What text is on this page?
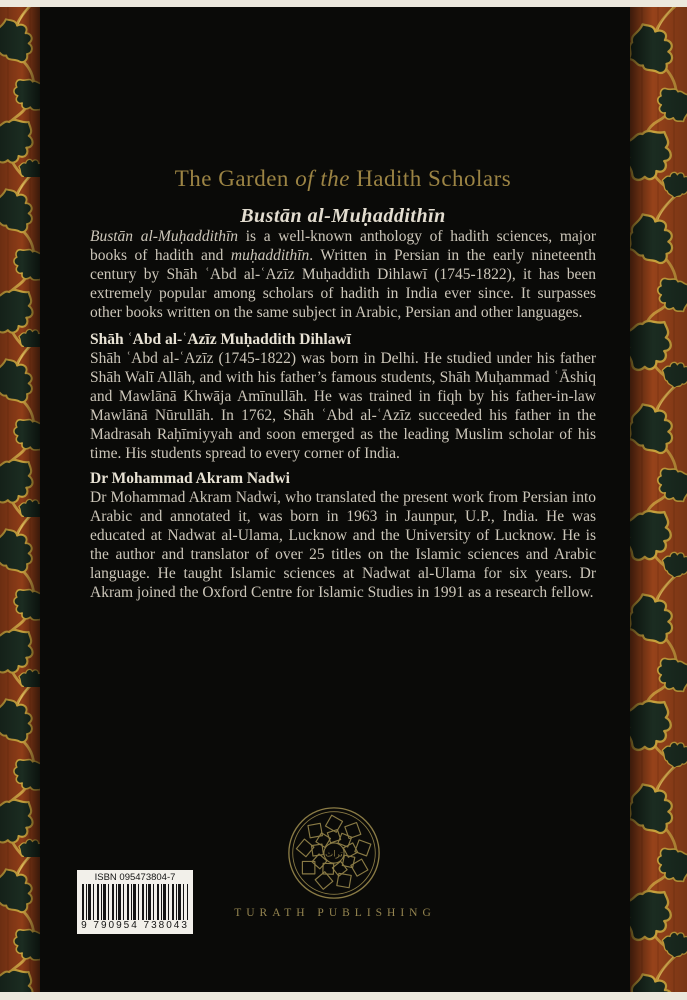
The Garden of the Hadith Scholars
Bustān al-Muḥaddithīn

Bustān al-Muḥaddithīn is a well-known anthology of hadith sciences, major books of hadith and muḥaddithīn. Written in Persian in the early nineteenth century by Shāh ʿAbd al-ʿAzīz Muḥaddith Dihlawī (1745-1822), it has been extremely popular among scholars of hadith in India ever since. It surpasses other books written on the same subject in Arabic, Persian and other languages.

Shāh ʿAbd al-ʿAzīz Muḥaddith Dihlawī

Shāh ʿAbd al-ʿAzīz (1745-1822) was born in Delhi. He studied under his father Shāh Walī Allāh, and with his father’s famous students, Shāh Muḥammad ʿĀshiq and Mawlānā Khwāja Amīnullāh. He was trained in fiqh by his father-in-law Mawlānā Nūrullāh. In 1762, Shāh ʿAbd al-ʿAzīz succeeded his father in the Madrasah Raḥīmiyyah and soon emerged as the leading Muslim scholar of his time. His students spread to every corner of India.

Dr Mohammad Akram Nadwi

Dr Mohammad Akram Nadwi, who translated the present work from Persian into Arabic and annotated it, was born in 1963 in Jaunpur, U.P., India. He was educated at Nadwat al-Ulama, Lucknow and the University of Lucknow. He is the author and translator of over 25 titles on the Islamic sciences and Arabic language. He taught Islamic sciences at Nadwat al-Ulama for six years. Dr Akram joined the Oxford Centre for Islamic Studies in 1991 as a research fellow.

ISBN 095473804-7
9 790954 738043
تراث
TURATH PUBLISHING
